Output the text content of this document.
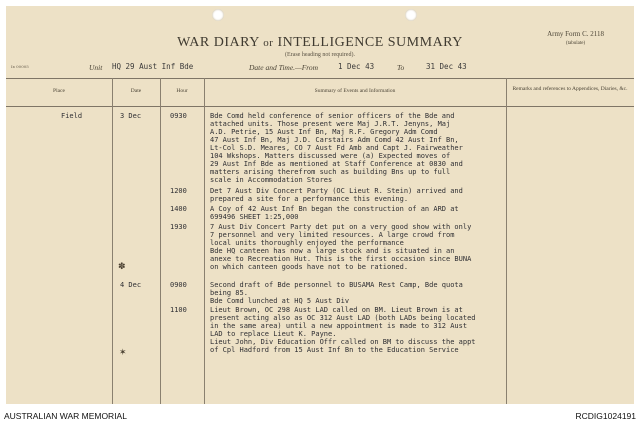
Army Form C. 2118
(tabulate)
WAR DIARY or INTELLIGENCE SUMMARY
(Erase heading not required).
Ix 00005	Unit HQ 29 Aust Inf Bde	Date and Time.—From	1 Dec 43	To	31 Dec 43
Place	Date	Hour	Summary of Events and Information	Remarks and references to Appendices, Diaries, &c.
Field	3 Dec	0930	Bde Comd held conference of senior officers of the Bde and
attached units. Those present were Maj J.R.T. Jenyns, Maj
A.D. Petrie, 15 Aust Inf Bn, Maj R.F. Gregory Adm Comd
47 Aust Inf Bn, Maj J.D. Carstairs Adm Comd 42 Aust Inf Bn,
Lt-Col S.D. Meares, CO 7 Aust Fd Amb and Capt J. Fairweather
104 Wkshops. Matters discussed were (a) Expected moves of
29 Aust Inf Bde as mentioned at Staff Conference at 0830 and
matters arising therefrom such as building Bns up to full
scale in Accommodation Stores
1200	Det 7 Aust Div Concert Party (OC Lieut R. Stein) arrived and
prepared a site for a performance this evening.
1400	A Coy of 42 Aust Inf Bn began the construction of an ARD at
699496 SHEET 1:25,000
1930	7 Aust Div Concert Party det put on a very good show with only
7 personnel and very limited resources. A large crowd from
local units thoroughly enjoyed the performance
Bde HQ canteen has now a large stock and is situated in an
anexe to Recreation Hut. This is the first occasion since BUNA
on which canteen goods have not to be rationed.
4 Dec	0900	Second draft of Bde personnel to BUSAMA Rest Camp, Bde quota
being 85.
Bde Comd lunched at HQ 5 Aust Div
1100	Lieut Brown, OC 298 Aust LAD called on BM. Lieut Brown is at
present acting also as OC 312 Aust LAD (both LADs being located
in the same area) until a new appointment is made to 312 Aust
LAD to replace Lieut K. Payne.
Lieut John, Div Education Offr called on BM to discuss the appt
of Cpl Hadford from 15 Aust Inf Bn to the Education Service
✽
✶
AUSTRALIAN WAR MEMORIAL	RCDIG1024191
